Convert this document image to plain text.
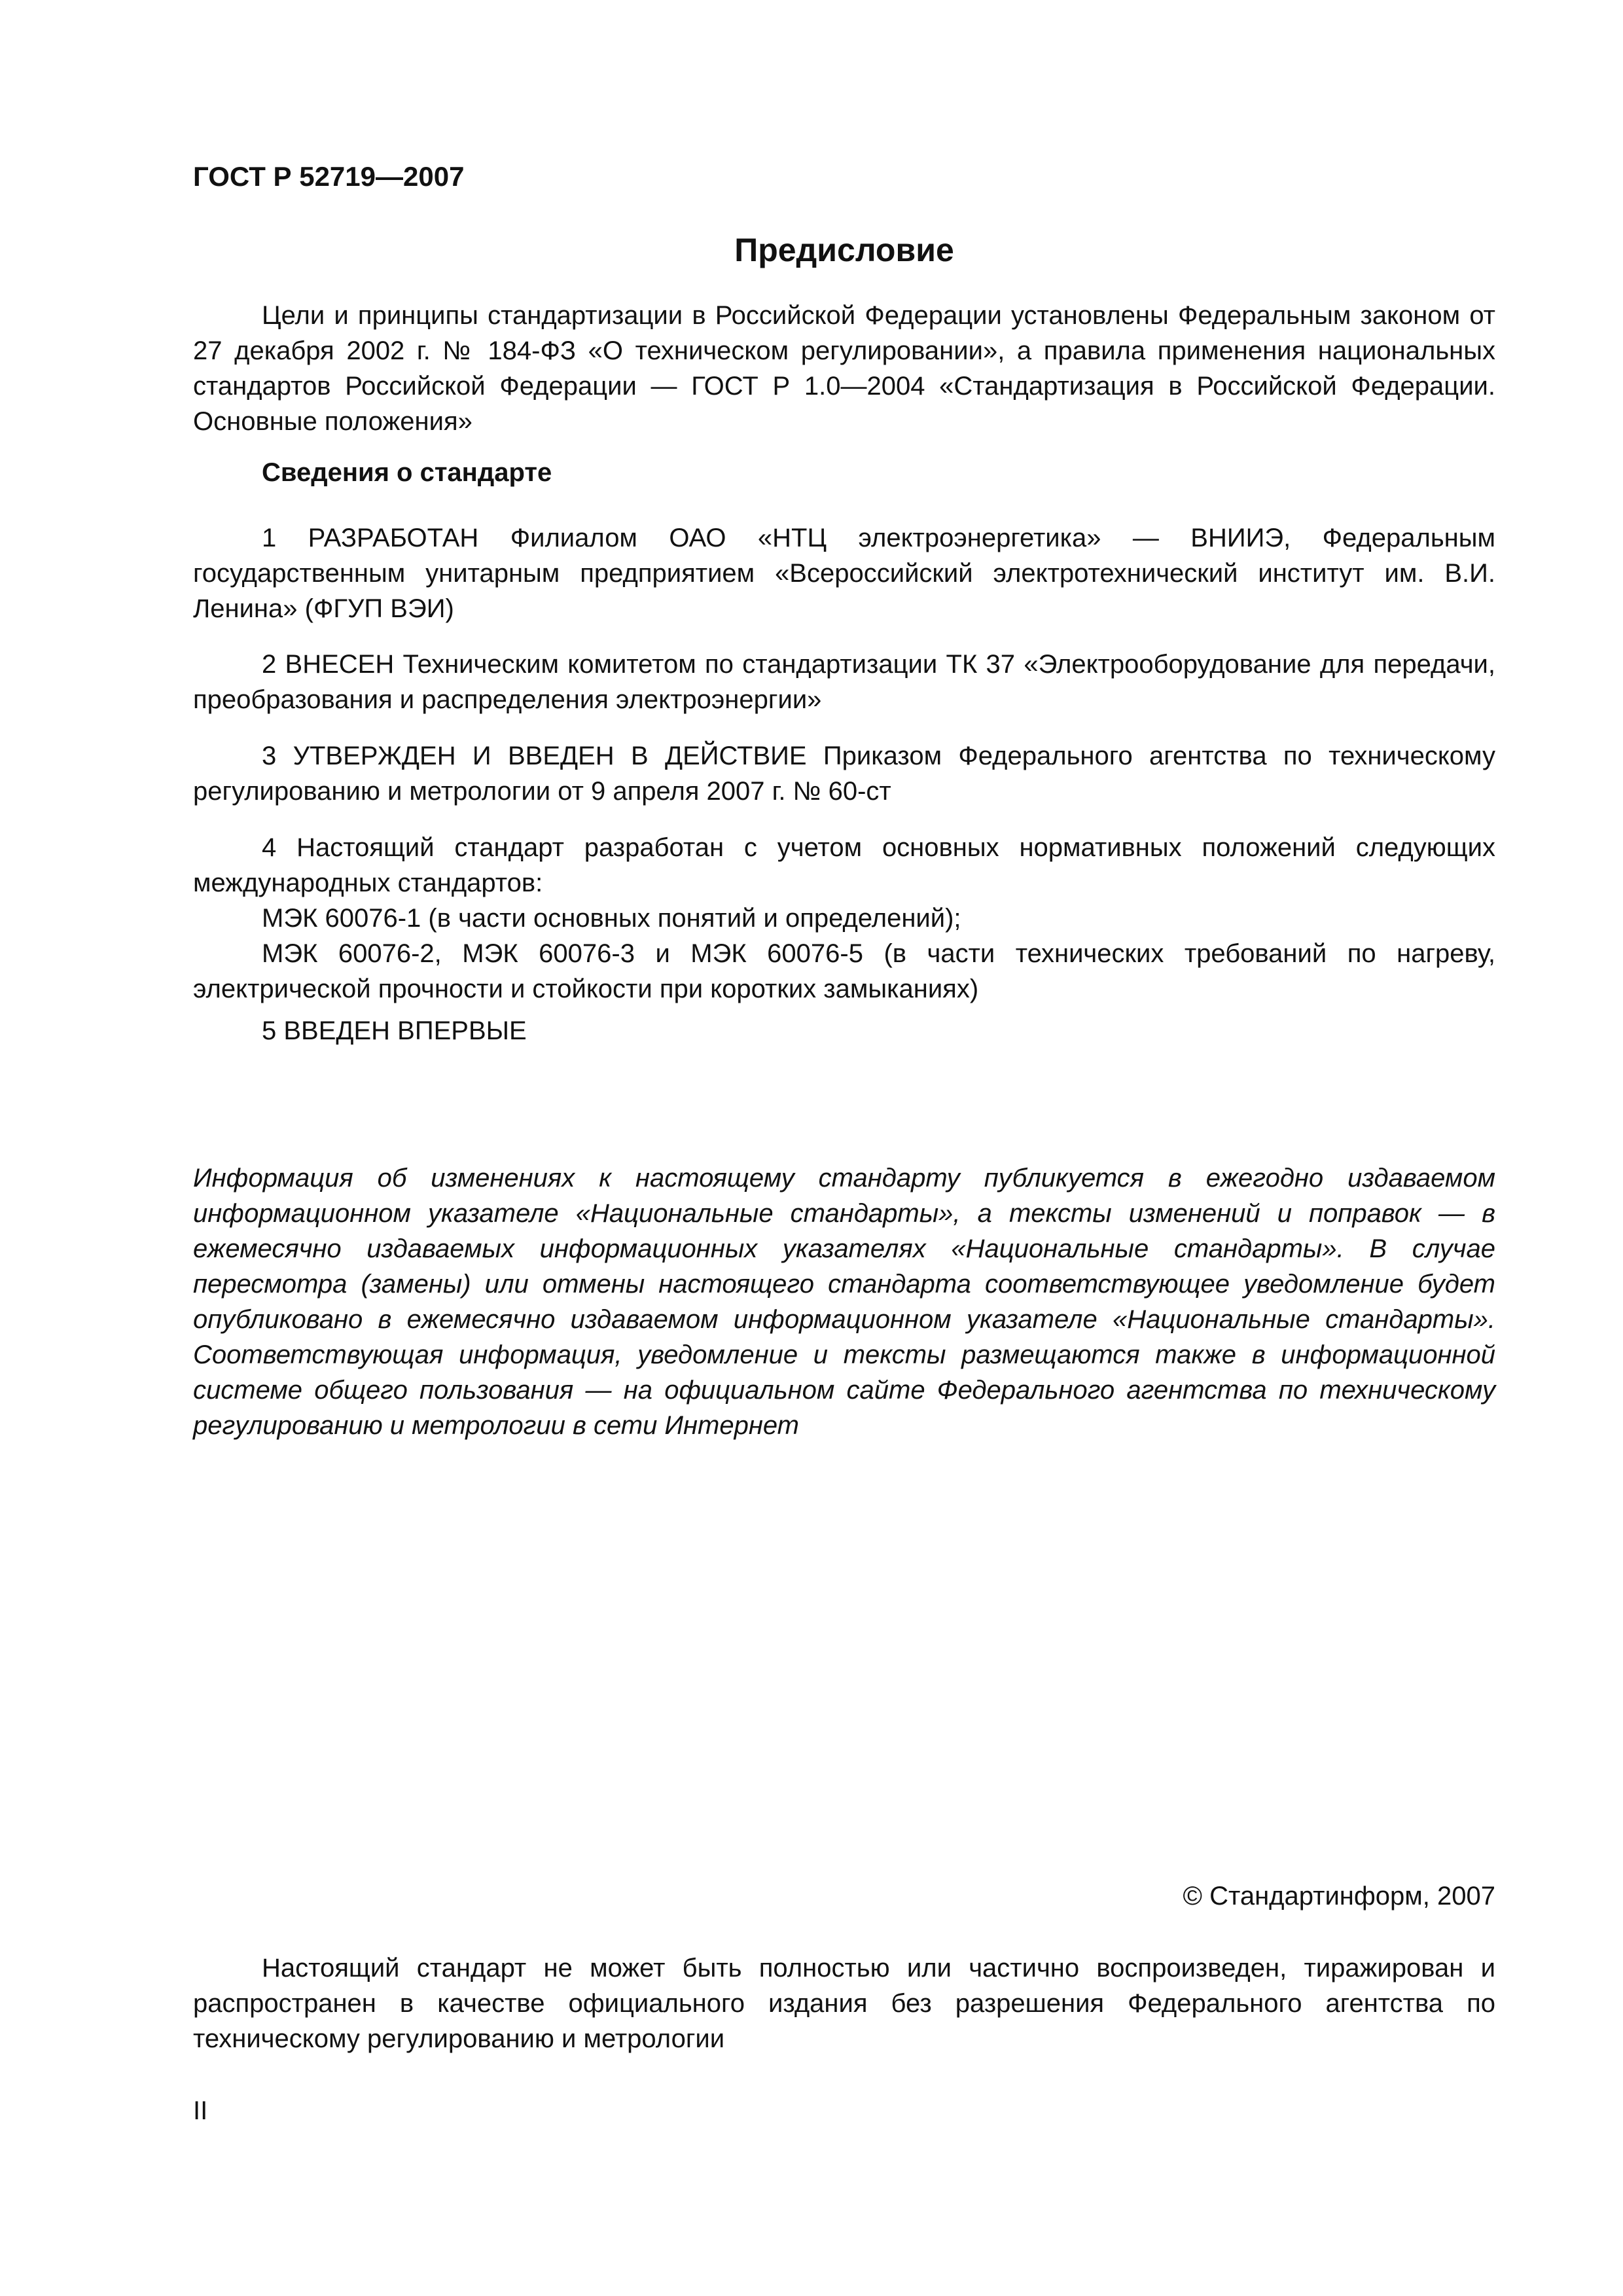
ГОСТ Р 52719—2007
Предисловие

Цели и принципы стандартизации в Российской Федерации установлены Федеральным законом от 27 декабря 2002 г. № 184-ФЗ «О техническом регулировании», а правила применения национальных стандартов Российской Федерации — ГОСТ Р 1.0—2004 «Стандартизация в Российской Федерации. Основные положения»

Сведения о стандарте

1 РАЗРАБОТАН Филиалом ОАО «НТЦ электроэнергетика» — ВНИИЭ, Федеральным государственным унитарным предприятием «Всероссийский электротехнический институт им. В.И. Ленина» (ФГУП ВЭИ)

2 ВНЕСЕН Техническим комитетом по стандартизации ТК 37 «Электрооборудование для передачи, преобразования и распределения электроэнергии»

3 УТВЕРЖДЕН И ВВЕДЕН В ДЕЙСТВИЕ Приказом Федерального агентства по техническому регулированию и метрологии от 9 апреля 2007 г. № 60-ст

4 Настоящий стандарт разработан с учетом основных нормативных положений следующих международных стандартов:
МЭК 60076-1 (в части основных понятий и определений);
МЭК 60076-2, МЭК 60076-3 и МЭК 60076-5 (в части технических требований по нагреву, электрической прочности и стойкости при коротких замыканиях)

5 ВВЕДЕН ВПЕРВЫЕ

Информация об изменениях к настоящему стандарту публикуется в ежегодно издаваемом информационном указателе «Национальные стандарты», а тексты изменений и поправок — в ежемесячно издаваемых информационных указателях «Национальные стандарты». В случае пересмотра (замены) или отмены настоящего стандарта соответствующее уведомление будет опубликовано в ежемесячно издаваемом информационном указателе «Национальные стандарты». Соответствующая информация, уведомление и тексты размещаются также в информационной системе общего пользования — на официальном сайте Федерального агентства по техническому регулированию и метрологии в сети Интернет

© Стандартинформ, 2007

Настоящий стандарт не может быть полностью или частично воспроизведен, тиражирован и распространен в качестве официального издания без разрешения Федерального агентства по техническому регулированию и метрологии

II
